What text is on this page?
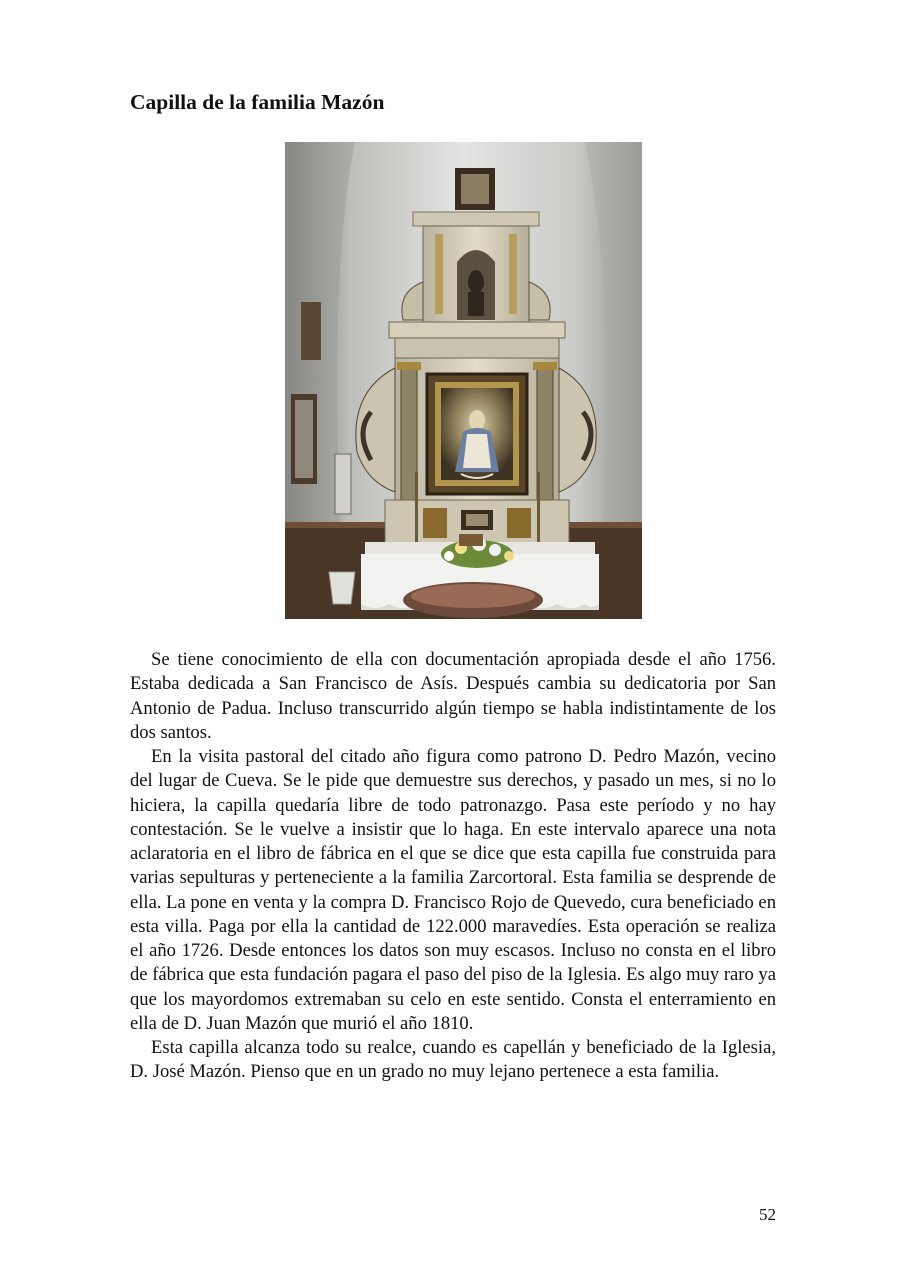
Capilla de la familia Mazón

Se tiene conocimiento de ella con documentación apropiada desde el año 1756. Estaba dedicada a San Francisco de Asís. Después cambia su dedicatoria por San Antonio de Padua. Incluso transcurrido algún tiempo se habla indistintamente de los dos santos.

En la visita pastoral del citado año figura como patrono D. Pedro Mazón, vecino del lugar de Cueva. Se le pide que demuestre sus derechos, y pasado un mes, si no lo hiciera, la capilla quedaría libre de todo patronazgo. Pasa este período y no hay contestación. Se le vuelve a insistir que lo haga. En este intervalo aparece una nota aclaratoria en el libro de fábrica en el que se dice que esta capilla fue construida para varias sepulturas y perteneciente a la familia Zarcortoral. Esta familia se desprende de ella. La pone en venta y la compra D. Francisco Rojo de Quevedo, cura beneficiado en esta villa. Paga por ella la cantidad de 122.000 maravedíes. Esta operación se realiza el año 1726. Desde entonces los datos son muy escasos. Incluso no consta en el libro de fábrica que esta fundación pagara el paso del piso de la Iglesia. Es algo muy raro ya que los mayordomos extremaban su celo en este sentido. Consta el enterramiento en ella de D. Juan Mazón que murió el año 1810.

Esta capilla alcanza todo su realce, cuando es capellán y beneficiado de la Iglesia, D. José Mazón. Pienso que en un grado no muy lejano pertenece a esta familia.

52
